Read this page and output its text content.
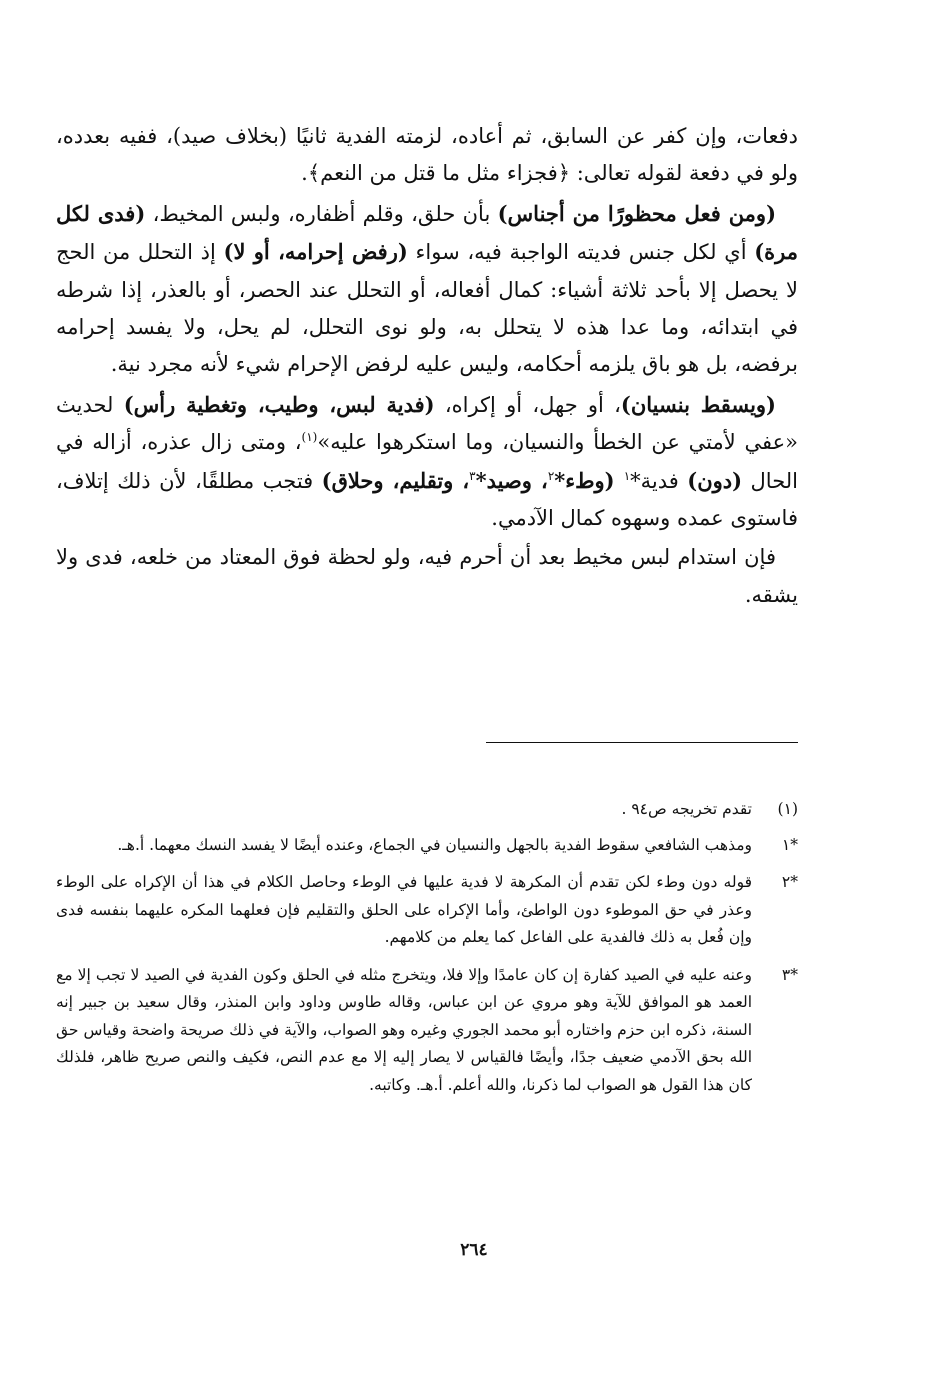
دفعات، وإن كفر عن السابق، ثم أعاده، لزمته الفدية ثانيًا (بخلاف صيد)، ففيه بعدده، ولو في دفعة لقوله تعالى: ﴿فجزاء مثل ما قتل من النعم﴾.

(ومن فعل محظورًا من أجناس) بأن حلق، وقلم أظفاره، ولبس المخيط، (فدى لكل مرة) أي لكل جنس فديته الواجبة فيه، سواء (رفض إحرامه، أو لا) إذ التحلل من الحج لا يحصل إلا بأحد ثلاثة أشياء: كمال أفعاله، أو التحلل عند الحصر، أو بالعذر، إذا شرطه في ابتدائه، وما عدا هذه لا يتحلل به، ولو نوى التحلل، لم يحل، ولا يفسد إحرامه برفضه، بل هو باق يلزمه أحكامه، وليس عليه لرفض الإحرام شيء لأنه مجرد نية.

(ويسقط بنسيان)، أو جهل، أو إكراه، (فدية لبس، وطيب، وتغطية رأس) لحديث «عفي لأمتي عن الخطأ والنسيان، وما استكرهوا عليه»$^{(١)}$، ومتى زال عذره، أزاله في الحال (دون) فدية*$^١$ (وطء*$^٢$، وصيد*$^٣$، وتقليم، وحلاق) فتجب مطلقًا، لأن ذلك إتلاف، فاستوى عمده وسهوه كمال الآدمي.

فإن استدام لبس مخيط بعد أن أحرم فيه، ولو لحظة فوق المعتاد من خلعه، فدى ولا يشقه.

(١)
تقدم تخريجه ص٩٤ .
*١
ومذهب الشافعي سقوط الفدية بالجهل والنسيان في الجماع، وعنده أيضًا لا يفسد النسك معهما. أ.هـ.
*٢
قوله دون وطء لكن تقدم أن المكرهة لا فدية عليها في الوطء وحاصل الكلام في هذا أن الإكراه على الوطء وعذر في حق الموطوء دون الواطئ، وأما الإكراه على الحلق والتقليم فإن فعلهما المكره عليهما بنفسه فدى وإن فُعل به ذلك فالفدية على الفاعل كما يعلم من كلامهم.
*٣
وعنه عليه في الصيد كفارة إن كان عامدًا وإلا فلا، ويتخرج مثله في الحلق وكون الفدية في الصيد لا تجب إلا مع العمد هو الموافق للآية وهو مروي عن ابن عباس، وقاله طاوس وداود وابن المنذر، وقال سعيد بن جبير إنه السنة، ذكره ابن حزم واختاره أبو محمد الجوري وغيره وهو الصواب، والآية في ذلك صريحة واضحة وقياس حق الله بحق الآدمي ضعيف جدًا، وأيضًا فالقياس لا يصار إليه إلا مع عدم النص، فكيف والنص صريح ظاهر، فلذلك كان هذا القول هو الصواب لما ذكرنا، والله أعلم. أ.هـ. وكاتبه.
٢٦٤
